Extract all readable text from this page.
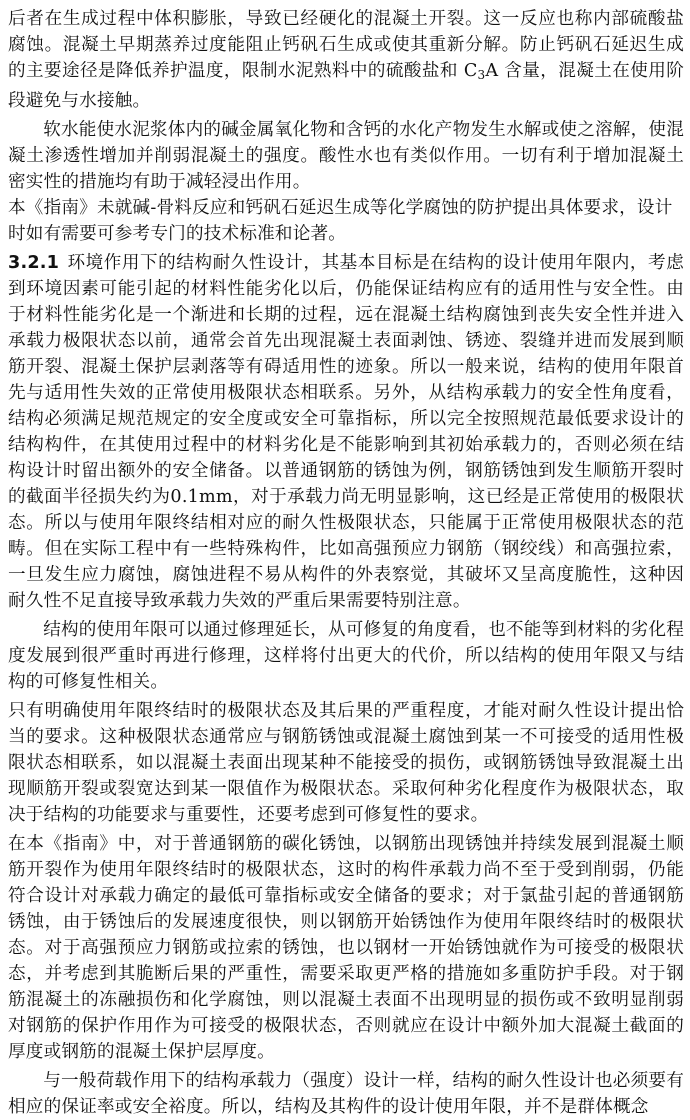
后者在生成过程中体积膨胀，导致已经硬化的混凝土开裂。这一反应也称内部硫酸盐腐蚀。混凝土早期蒸养过度能阻止钙矾石生成或使其重新分解。防止钙矾石延迟生成的主要途径是降低养护温度，限制水泥熟料中的硫酸盐和 $C_3A$ 含量，混凝土在使用阶段避免与水接触。

软水能使水泥浆体内的碱金属氧化物和含钙的水化产物发生水解或使之溶解，使混凝土渗透性增加并削弱混凝土的强度。酸性水也有类似作用。一切有利于增加混凝土密实性的措施均有助于减轻浸出作用。

本《指南》未就碱-骨料反应和钙矾石延迟生成等化学腐蚀的防护提出具体要求，设计
时如有需要可参考专门的技术标准和论著。

3.2.1 环境作用下的结构耐久性设计，其基本目标是在结构的设计使用年限内，考虑到环境因素可能引起的材料性能劣化以后，仍能保证结构应有的适用性与安全性。由于材料性能劣化是一个渐进和长期的过程，远在混凝土结构腐蚀到丧失安全性并进入承载力极限状态以前，通常会首先出现混凝土表面剥蚀、锈迹、裂缝并进而发展到顺筋开裂、混凝土保护层剥落等有碍适用性的迹象。所以一般来说，结构的使用年限首先与适用性失效的正常使用极限状态相联系。另外，从结构承载力的安全性角度看，结构必须满足规范规定的安全度或安全可靠指标，所以完全按照规范最低要求设计的结构构件，在其使用过程中的材料劣化是不能影响到其初始承载力的，否则必须在结构设计时留出额外的安全储备。以普通钢筋的锈蚀为例，钢筋锈蚀到发生顺筋开裂时的截面半径损失约为0.1mm，对于承载力尚无明显影响，这已经是正常使用的极限状态。所以与使用年限终结相对应的耐久性极限状态，只能属于正常使用极限状态的范畴。但在实际工程中有一些特殊构件，比如高强预应力钢筋（钢绞线）和高强拉索，一旦发生应力腐蚀，腐蚀进程不易从构件的外表察觉，其破坏又呈高度脆性，这种因耐久性不足直接导致承载力失效的严重后果需要特别注意。

结构的使用年限可以通过修理延长，从可修复的角度看，也不能等到材料的劣化程度发展到很严重时再进行修理，这样将付出更大的代价，所以结构的使用年限又与结构的可修复性相关。

只有明确使用年限终结时的极限状态及其后果的严重程度，才能对耐久性设计提出恰当的要求。这种极限状态通常应与钢筋锈蚀或混凝土腐蚀到某一不可接受的适用性极限状态相联系，如以混凝土表面出现某种不能接受的损伤，或钢筋锈蚀导致混凝土出现顺筋开裂或裂宽达到某一限值作为极限状态。采取何种劣化程度作为极限状态，取决于结构的功能要求与重要性，还要考虑到可修复性的要求。

在本《指南》中，对于普通钢筋的碳化锈蚀，以钢筋出现锈蚀并持续发展到混凝土顺筋开裂作为使用年限终结时的极限状态，这时的构件承载力尚不至于受到削弱，仍能符合设计对承载力确定的最低可靠指标或安全储备的要求；对于氯盐引起的普通钢筋锈蚀，由于锈蚀后的发展速度很快，则以钢筋开始锈蚀作为使用年限终结时的极限状态。对于高强预应力钢筋或拉索的锈蚀，也以钢材一开始锈蚀就作为可接受的极限状态，并考虑到其脆断后果的严重性，需要采取更严格的措施如多重防护手段。对于钢筋混凝土的冻融损伤和化学腐蚀，则以混凝土表面不出现明显的损伤或不致明显削弱对钢筋的保护作用作为可接受的极限状态，否则就应在设计中额外加大混凝土截面的厚度或钢筋的混凝土保护层厚度。

与一般荷载作用下的结构承载力（强度）设计一样，结构的耐久性设计也必须要有相应的保证率或安全裕度。所以，结构及其构件的设计使用年限，并不是群体概念
